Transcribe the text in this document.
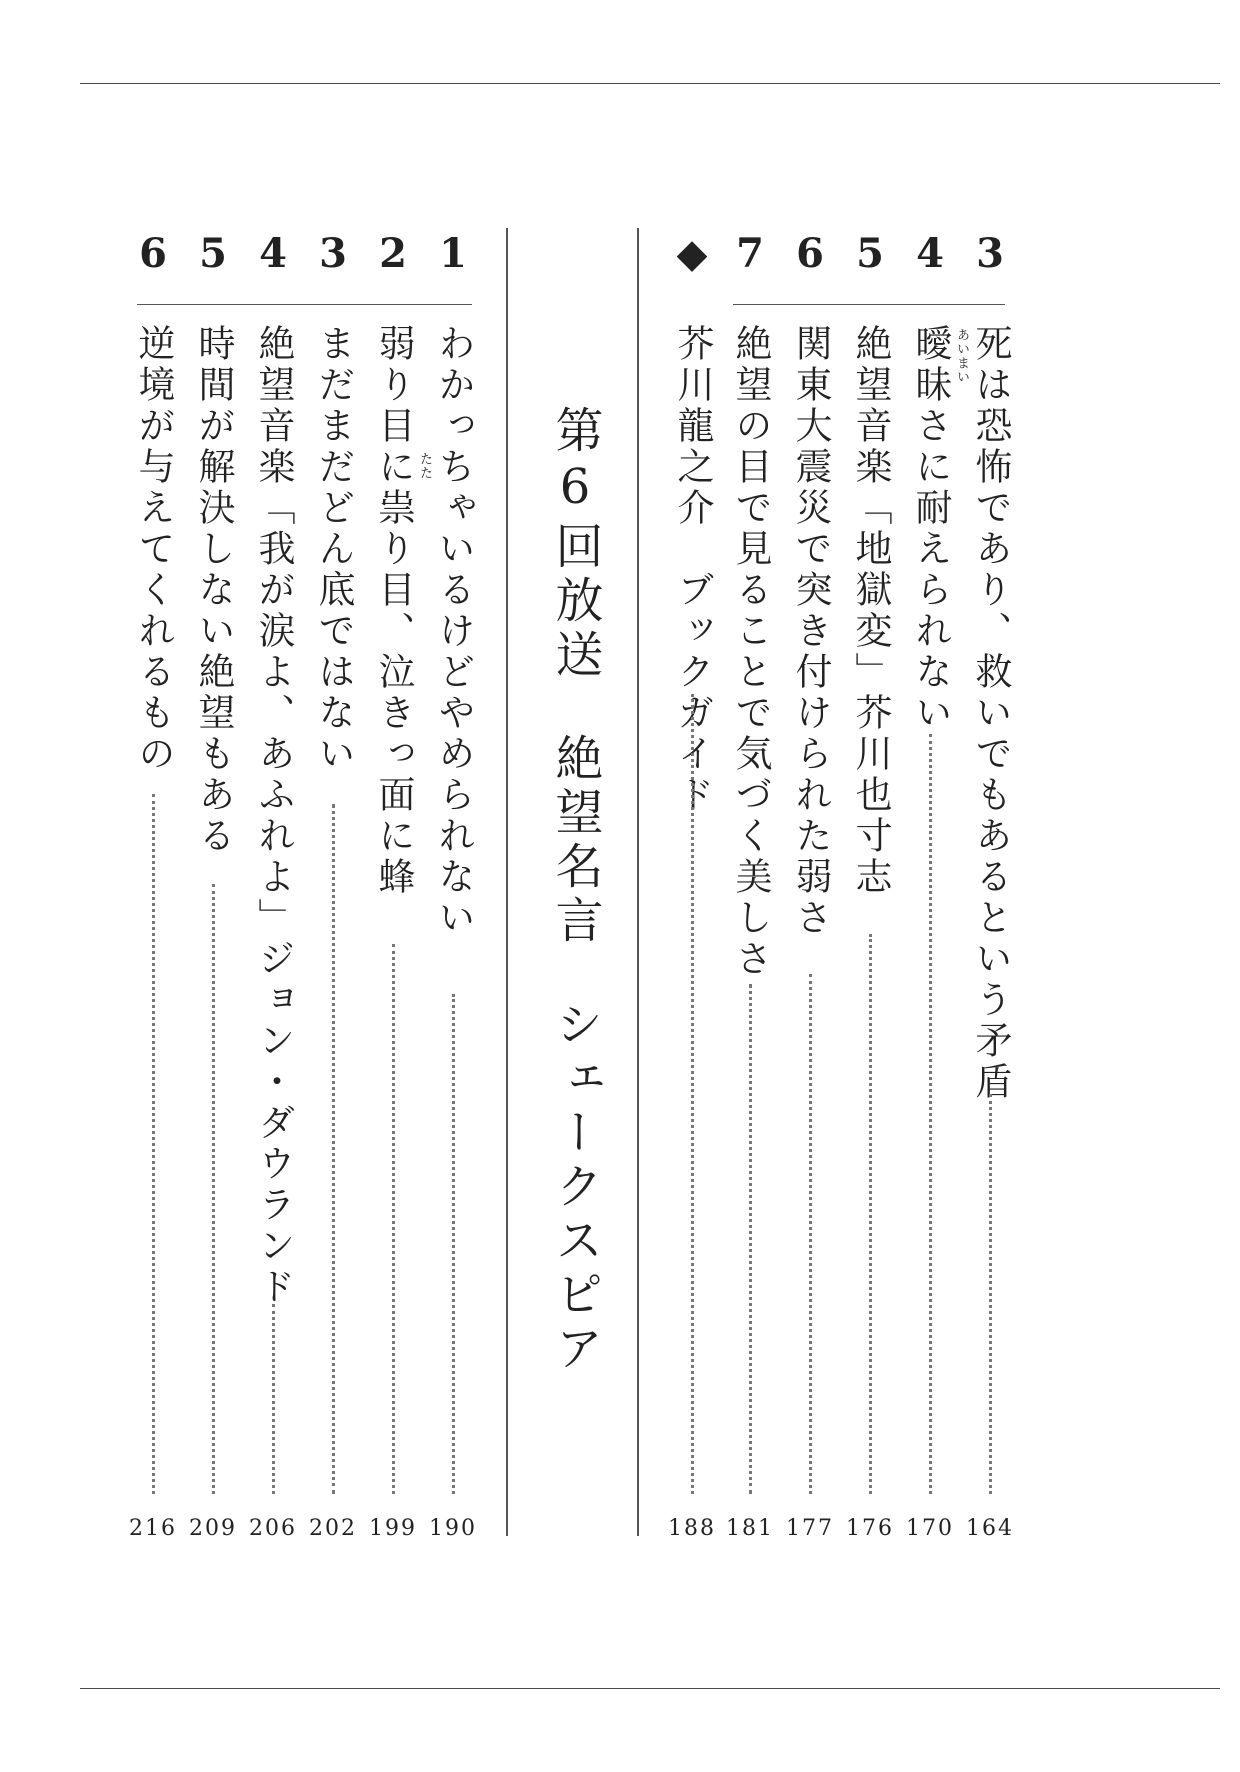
3
死は恐怖であり、救いでもあるという矛盾
164
4
曖昧さに耐えられない
170
あいまい
5
絶望音楽「地獄変」芥川也寸志
176
6
関東大震災で突き付けられた弱さ
177
7
絶望の目で見ることで気づく美しさ
181
◆
芥川龍之介　ブックガイド
188
第6回放送絶望名言シェークスピア
1
わかっちゃいるけどやめられない
190
2
弱り目に祟り目、泣きっ面に蜂
199
たた
3
まだまだどん底ではない
202
4
絶望音楽「我が涙よ、あふれよ」ジョン・ダウランド
206
5
時間が解決しない絶望もある
209
6
逆境が与えてくれるもの
216
